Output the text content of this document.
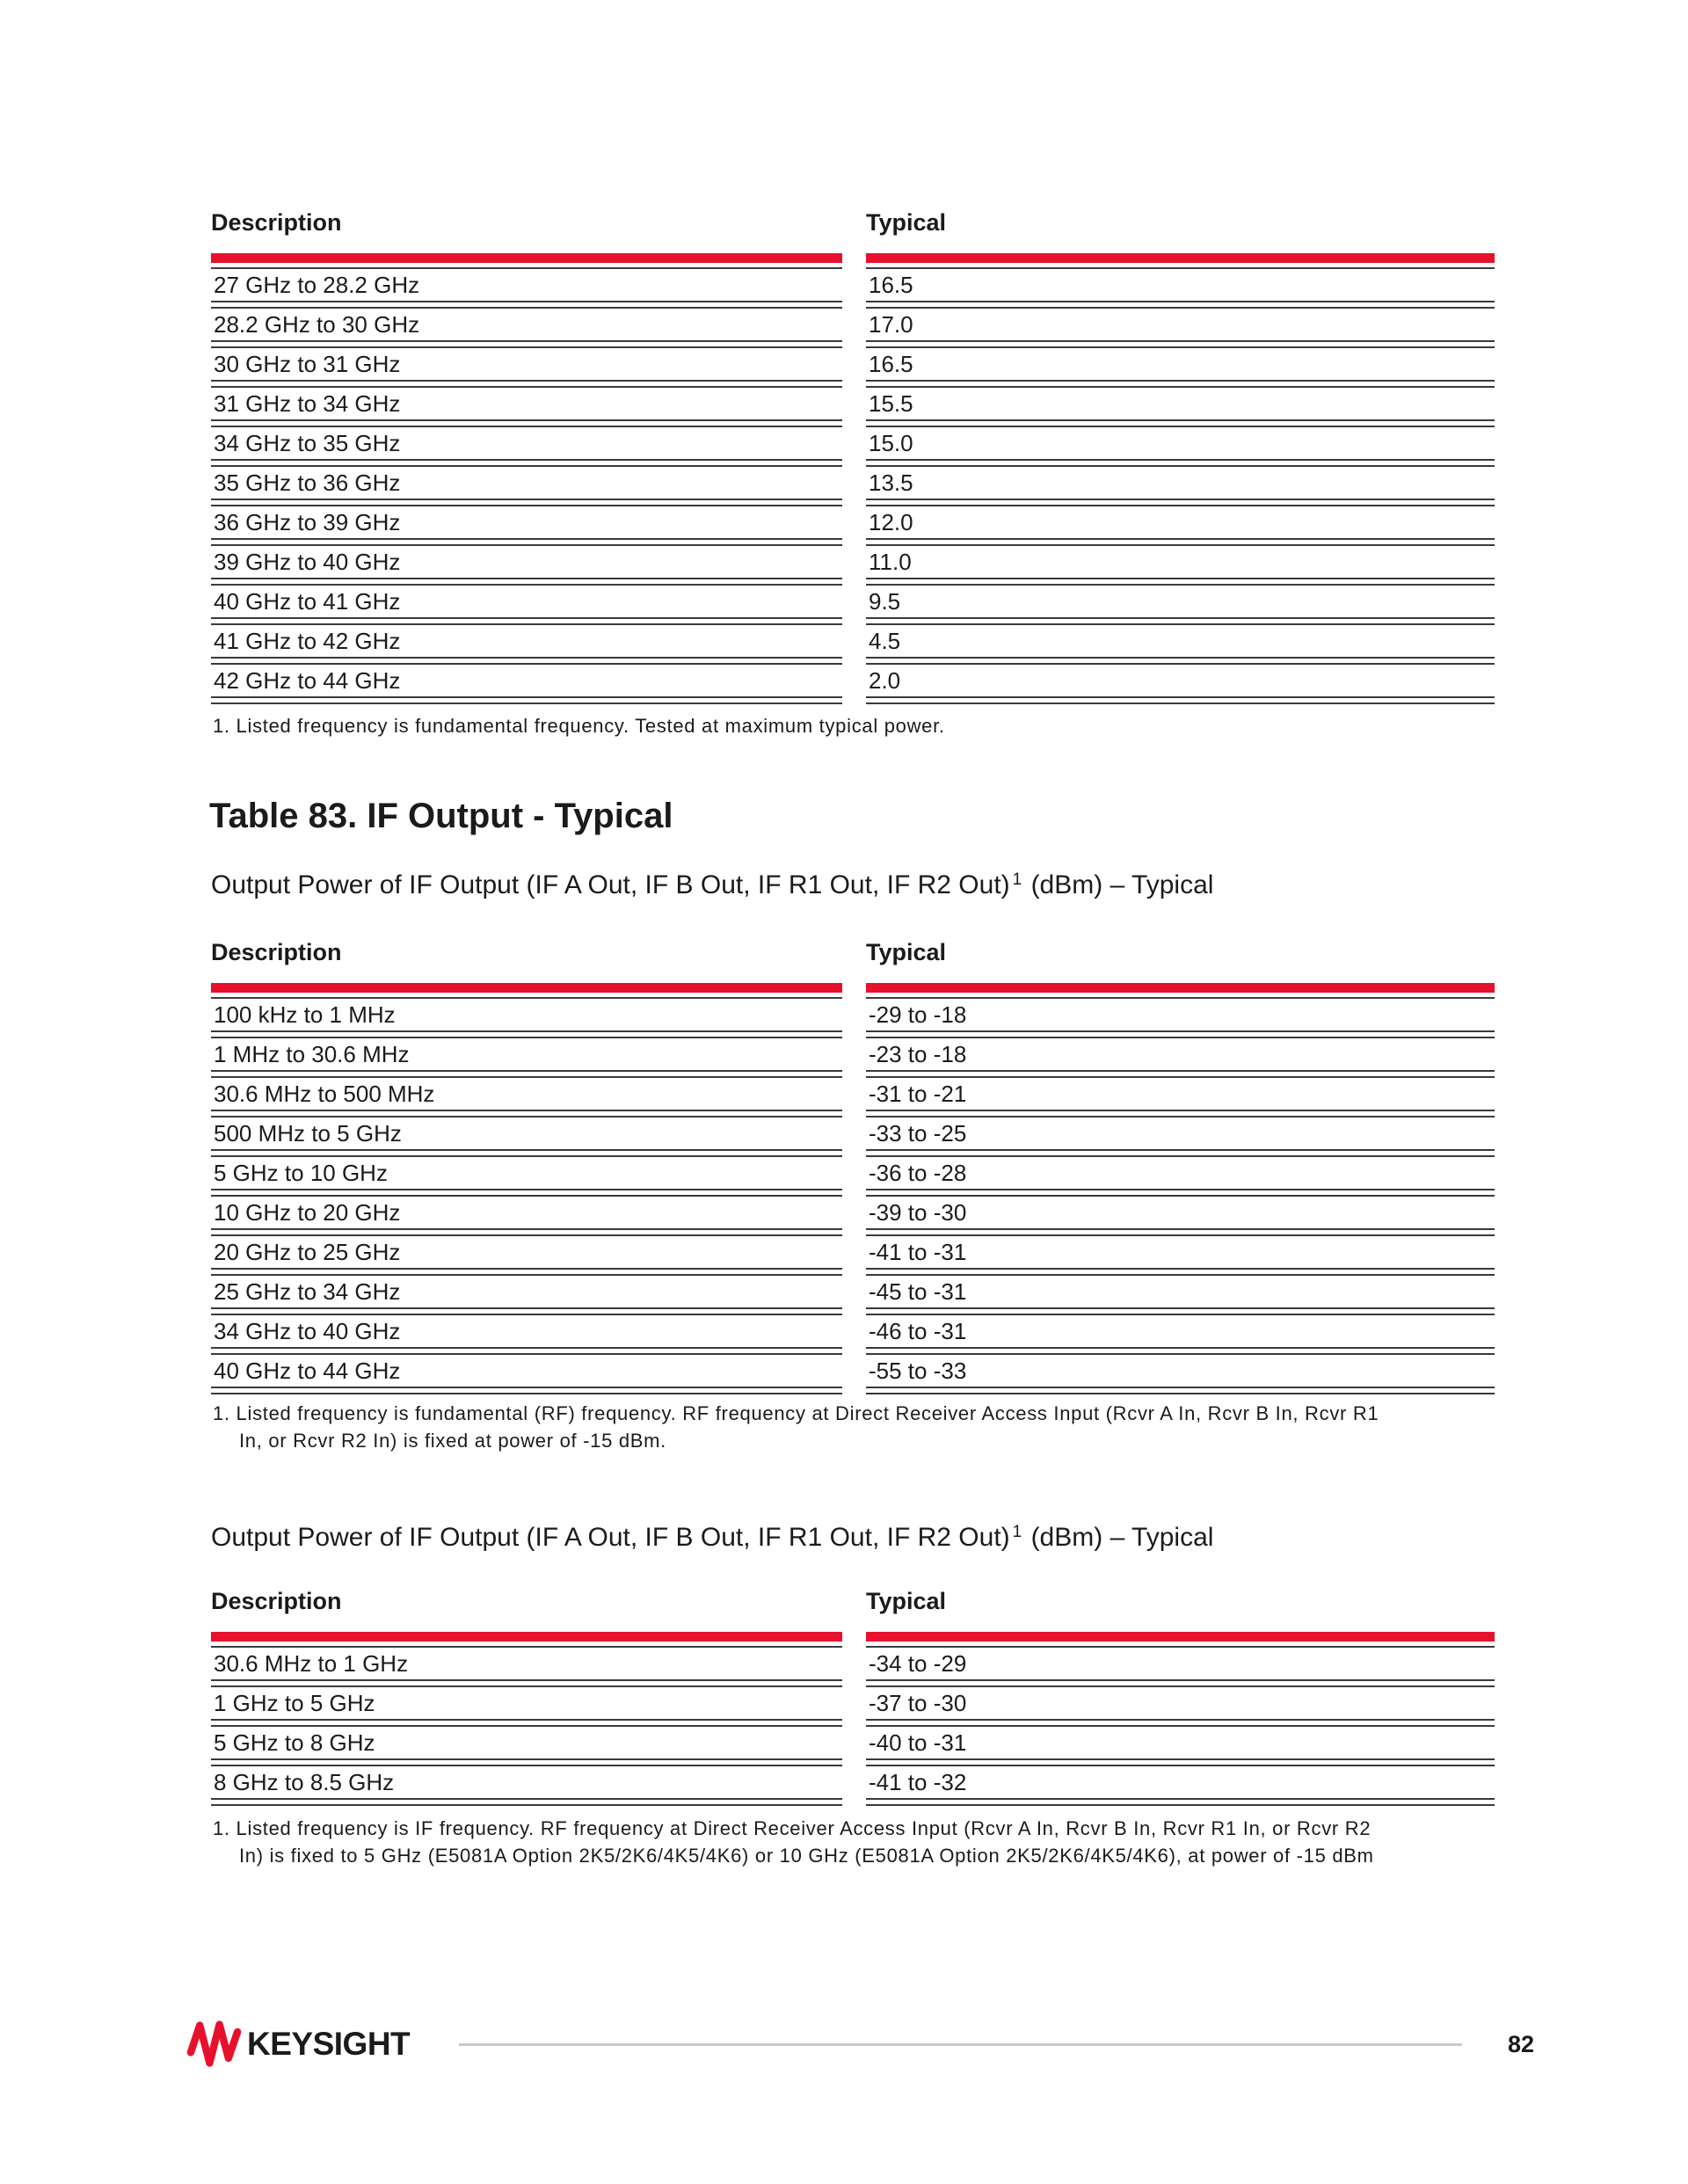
Description	Typical
27 GHz to 28.2 GHz	16.5
28.2 GHz to 30 GHz	17.0
30 GHz to 31 GHz	16.5
31 GHz to 34 GHz	15.5
34 GHz to 35 GHz	15.0
35 GHz to 36 GHz	13.5
36 GHz to 39 GHz	12.0
39 GHz to 40 GHz	11.0
40 GHz to 41 GHz	9.5
41 GHz to 42 GHz	4.5
42 GHz to 44 GHz	2.0
1. Listed frequency is fundamental frequency. Tested at maximum typical power.
Table 83. IF Output - Typical

Output Power of IF Output (IF A Out, IF B Out, IF R1 Out, IF R2 Out) $^1$ (dBm) – Typical

Description	Typical
100 kHz to 1 MHz	-29 to -18
1 MHz to 30.6 MHz	-23 to -18
30.6 MHz to 500 MHz	-31 to -21
500 MHz to 5 GHz	-33 to -25
5 GHz to 10 GHz	-36 to -28
10 GHz to 20 GHz	-39 to -30
20 GHz to 25 GHz	-41 to -31
25 GHz to 34 GHz	-45 to -31
34 GHz to 40 GHz	-46 to -31
40 GHz to 44 GHz	-55 to -33
1. Listed frequency is fundamental (RF) frequency. RF frequency at Direct Receiver Access Input (Rcvr A In, Rcvr B In, Rcvr R1
In, or Rcvr R2 In) is fixed at power of -15 dBm.

Output Power of IF Output (IF A Out, IF B Out, IF R1 Out, IF R2 Out) $^1$ (dBm) – Typical

Description	Typical
30.6 MHz to 1 GHz	-34 to -29
1 GHz to 5 GHz	-37 to -30
5 GHz to 8 GHz	-40 to -31
8 GHz to 8.5 GHz	-41 to -32
1. Listed frequency is IF frequency. RF frequency at Direct Receiver Access Input (Rcvr A In, Rcvr B In, Rcvr R1 In, or Rcvr R2
In) is fixed to 5 GHz (E5081A Option 2K5/2K6/4K5/4K6) or 10 GHz (E5081A Option 2K5/2K6/4K5/4K6), at power of -15 dBm
KEYSIGHT	82
